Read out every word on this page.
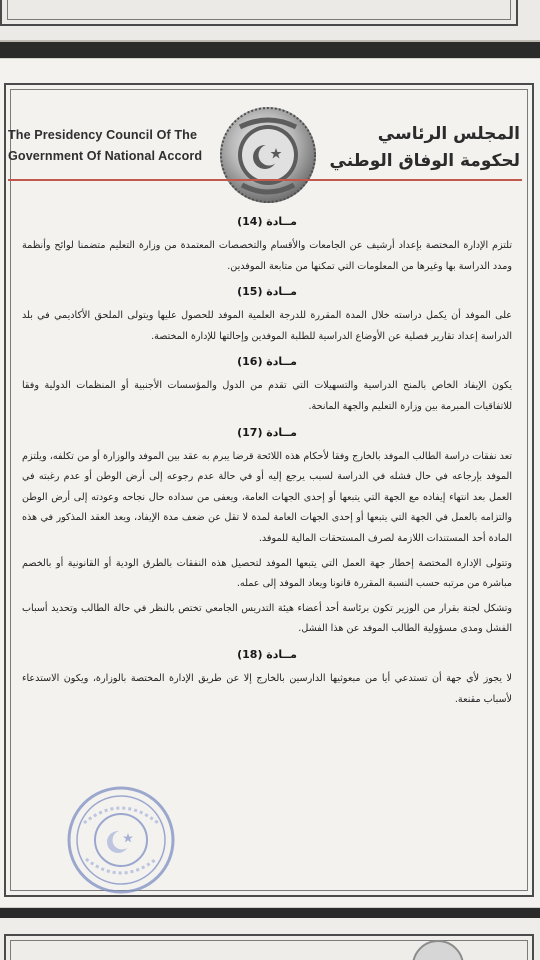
The Presidency Council Of The
Government Of National Accord
المجلس الرئاسي
لحكومة الوفاق الوطني
مــادة (14)

تلتزم الإدارة المختصة بإعداد أرشيف عن الجامعات والأقسام والتخصصات المعتمدة من وزارة التعليم متضمنا لوائح وأنظمة ومدد الدراسة بها وغيرها من المعلومات التي تمكنها من متابعة الموفدين.

مــادة (15)

على الموفد أن يكمل دراسته خلال المدة المقررة للدرجة العلمية الموفد للحصول عليها ويتولى الملحق الأكاديمي في بلد الدراسة إعداد تقارير فصلية عن الأوضاع الدراسية للطلبة الموفدين وإحالتها للإدارة المختصة.

مــادة (16)

يكون الإيفاد الخاص بالمنح الدراسية والتسهيلات التي تقدم من الدول والمؤسسات الأجنبية أو المنظمات الدولية وفقا للاتفاقيات المبرمة بين وزارة التعليم والجهة المانحة.

مــادة (17)

تعد نفقات دراسة الطالب الموفد بالخارج وفقا لأحكام هذه اللائحة قرضا يبرم به عقد بين الموفد والوزارة أو من تكلفه، ويلتزم الموفد بإرجاعه في حال فشله في الدراسة لسبب يرجع إليه أو في حالة عدم رجوعه إلى أرض الوطن أو عدم رغبته في العمل بعد انتهاء إيفاده مع الجهة التي يتبعها أو إحدى الجهات العامة، ويعفى من سداده حال نجاحه وعودته إلى أرض الوطن والتزامه بالعمل في الجهة التي يتبعها أو إحدى الجهات العامة لمدة لا تقل عن ضعف مدة الإيفاد، ويعد العقد المذكور في هذه المادة أحد المستندات اللازمة لصرف المستحقات المالية للموفد.

وتتولى الإدارة المختصة إخطار جهة العمل التي يتبعها الموفد لتحصيل هذه النفقات بالطرق الودية أو القانونية أو بالخصم مباشرة من مرتبه حسب النسبة المقررة قانونا ويعاد الموفد إلى عمله.

وتشكل لجنة بقرار من الوزير تكون برئاسة أحد أعضاء هيئة التدريس الجامعي تختص بالنظر في حالة الطالب وتحديد أسباب الفشل ومدى مسؤولية الطالب الموفد عن هذا الفشل.

مــادة (18)

لا يجوز لأي جهة أن تستدعي أيا من مبعوثيها الدارسين بالخارج إلا عن طريق الإدارة المختصة بالوزارة، ويكون الاستدعاء لأسباب مقنعة.
